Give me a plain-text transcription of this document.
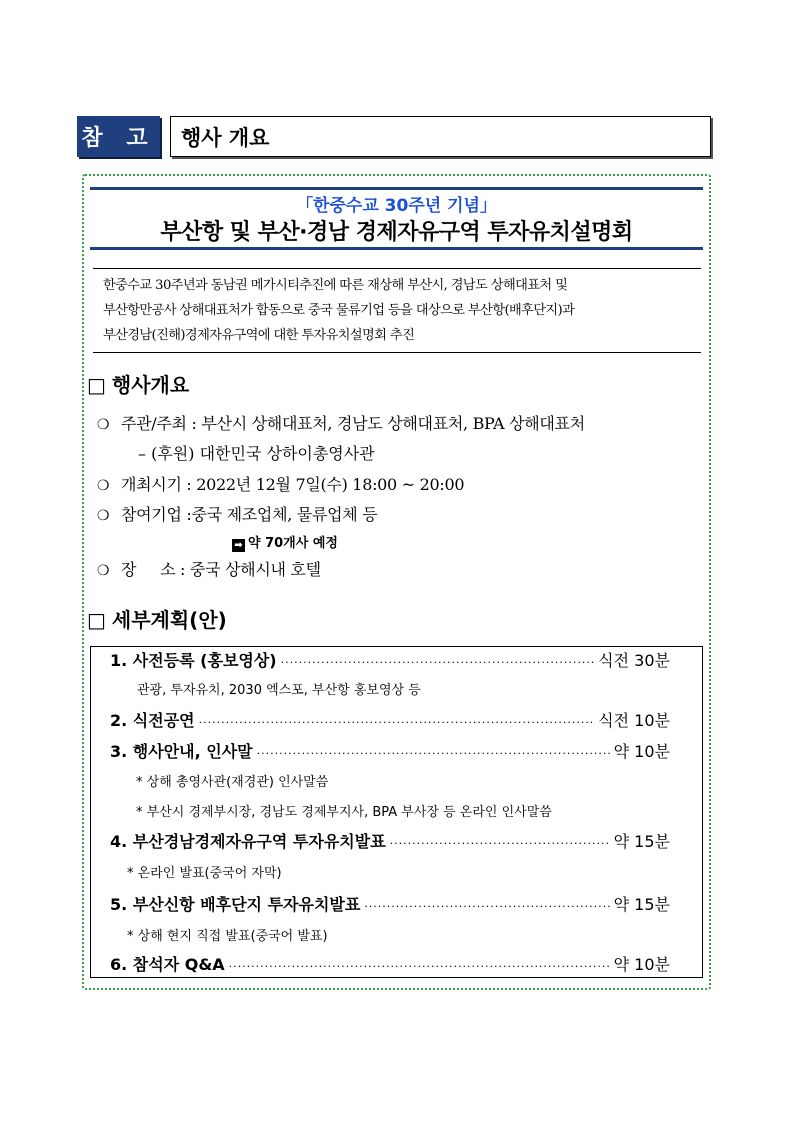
참 고 행사 개요
「한중수교 30주년 기념」
부산항 및 부산·경남 경제자유구역 투자유치설명회
한중수교 30주년과 동남권 메가시티추진에 따른 재상해 부산시, 경남도 상해대표처 및
부산항만공사 상해대표처가 합동으로 중국 물류기업 등을 대상으로 부산항(배후단지)과
부산경남(진해)경제자유구역에 대한 투자유치설명회 추진
□ 행사개요
❍ 주관/주최 : 부산시 상해대표처, 경남도 상해대표처, BPA 상해대표처
– (후원) 대한민국 상하이총영사관
❍ 개최시기 : 2022년 12월 7일(수) 18:00 ~ 20:00
❍ 참여기업 :중국 제조업체, 물류업체 등
➡ 약 70개사 예정
❍ 장     소 : 중국 상해시내 호텔
□ 세부계획(안)
1. 사전등록 (홍보영상) ·····	식전 30분
관광, 투자유치, 2030 엑스포, 부산항 홍보영상 등
2. 식전공연 ·····	식전 10분
3. 행사안내, 인사말 ·····	약 10분
* 상해 총영사관(재경관) 인사말씀
* 부산시 경제부시장, 경남도 경제부지사, BPA 부사장 등 온라인 인사말씀
4. 부산경남경제자유구역 투자유치발표 ·····	약 15분
* 온라인 발표(중국어 자막)
5. 부산신항 배후단지 투자유치발표 ·····	약 15분
* 상해 현지 직접 발표(중국어 발표)
6. 참석자 Q&A ·····	약 10분
